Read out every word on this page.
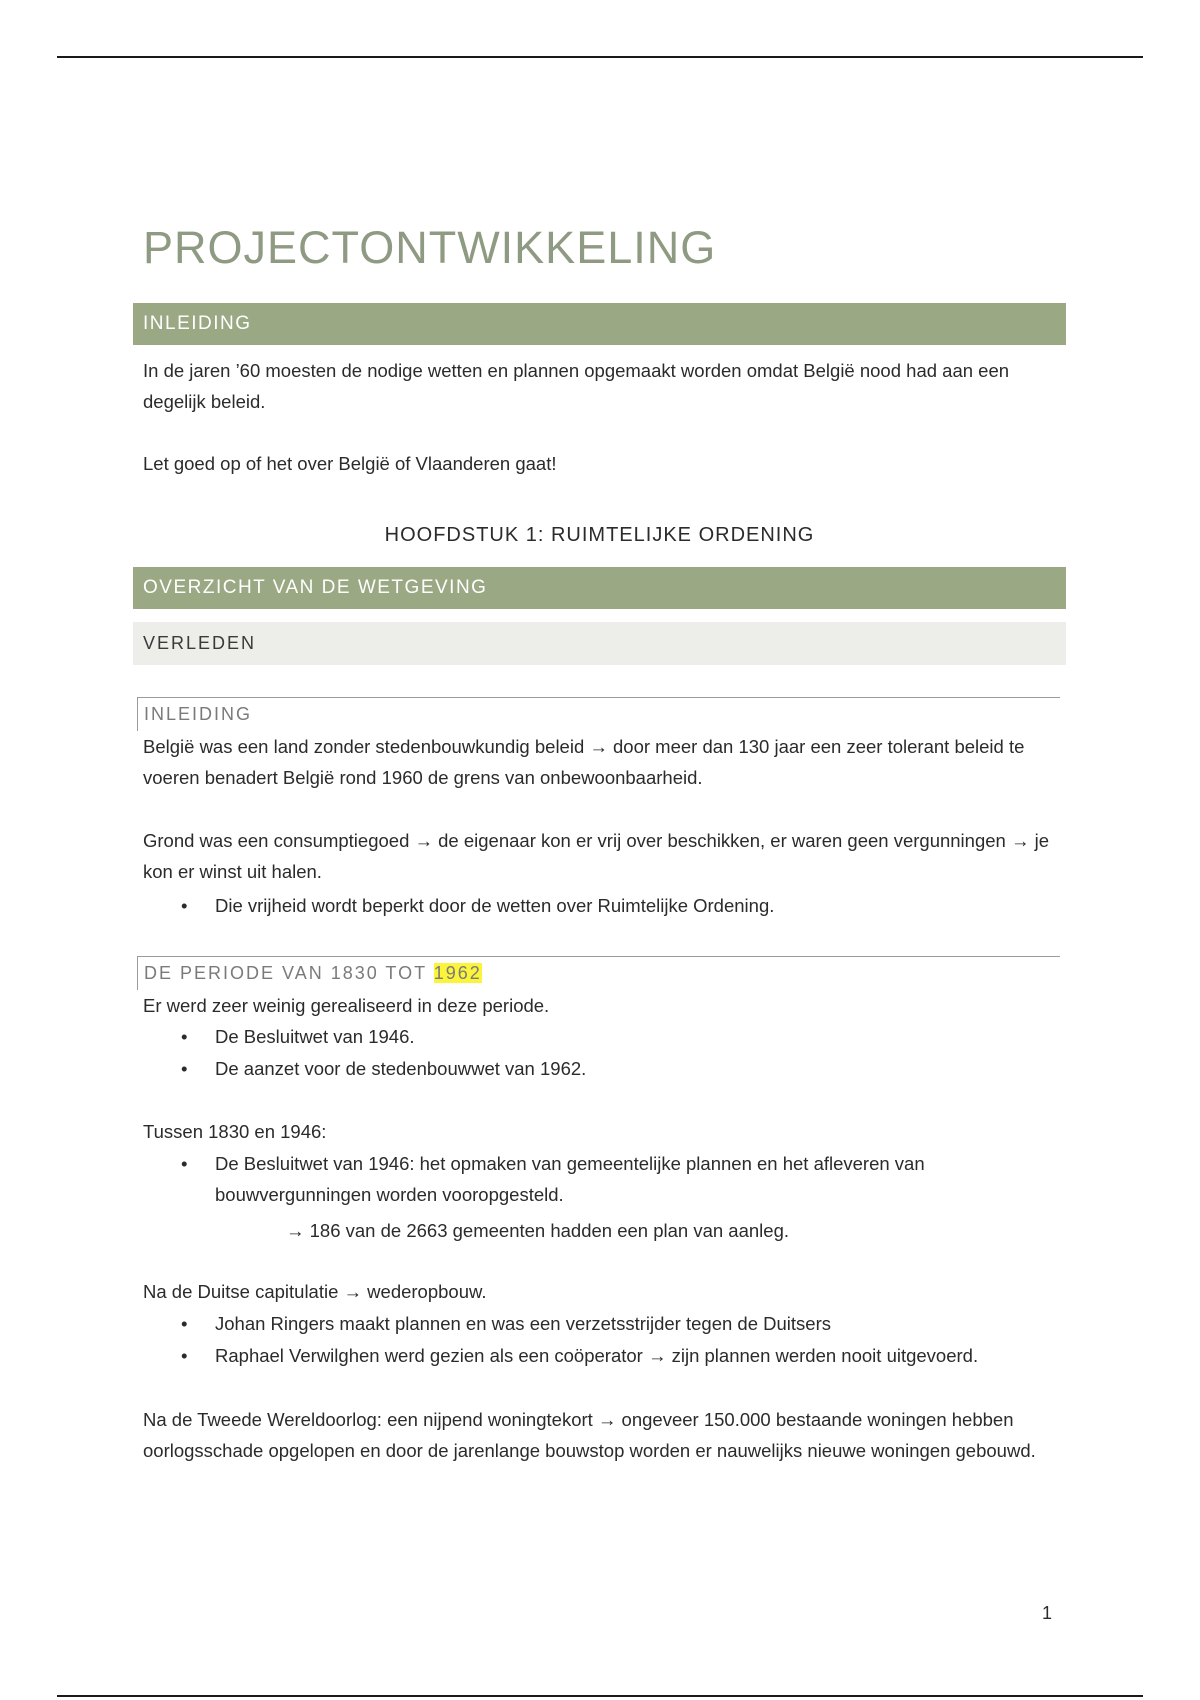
PROJECTONTWIKKELING
INLEIDING

In de jaren ’60 moesten de nodige wetten en plannen opgemaakt worden omdat België nood had aan een degelijk beleid.

Let goed op of het over België of Vlaanderen gaat!

HOOFDSTUK 1: RUIMTELIJKE ORDENING
OVERZICHT VAN DE WETGEVING
VERLEDEN
INLEIDING

België was een land zonder stedenbouwkundig beleid → door meer dan 130 jaar een zeer tolerant beleid te voeren benadert België rond 1960 de grens van onbewoonbaarheid.

Grond was een consumptiegoed → de eigenaar kon er vrij over beschikken, er waren geen vergunningen → je kon er winst uit halen.

• Die vrijheid wordt beperkt door de wetten over Ruimtelijke Ordening.
DE PERIODE VAN 1830 TOT 1962

Er werd zeer weinig gerealiseerd in deze periode.

• De Besluitwet van 1946.
• De aanzet voor de stedenbouwwet van 1962.

Tussen 1830 en 1946:

• De Besluitwet van 1946: het opmaken van gemeentelijke plannen en het afleveren van bouwvergunningen worden vooropgesteld.
→ 186 van de 2663 gemeenten hadden een plan van aanleg.

Na de Duitse capitulatie → wederopbouw.

• Johan Ringers maakt plannen en was een verzetsstrijder tegen de Duitsers
• Raphael Verwilghen werd gezien als een coöperator → zijn plannen werden nooit uitgevoerd.

Na de Tweede Wereldoorlog: een nijpend woningtekort → ongeveer 150.000 bestaande woningen hebben oorlogsschade opgelopen en door de jarenlange bouwstop worden er nauwelijks nieuwe woningen gebouwd.

1
